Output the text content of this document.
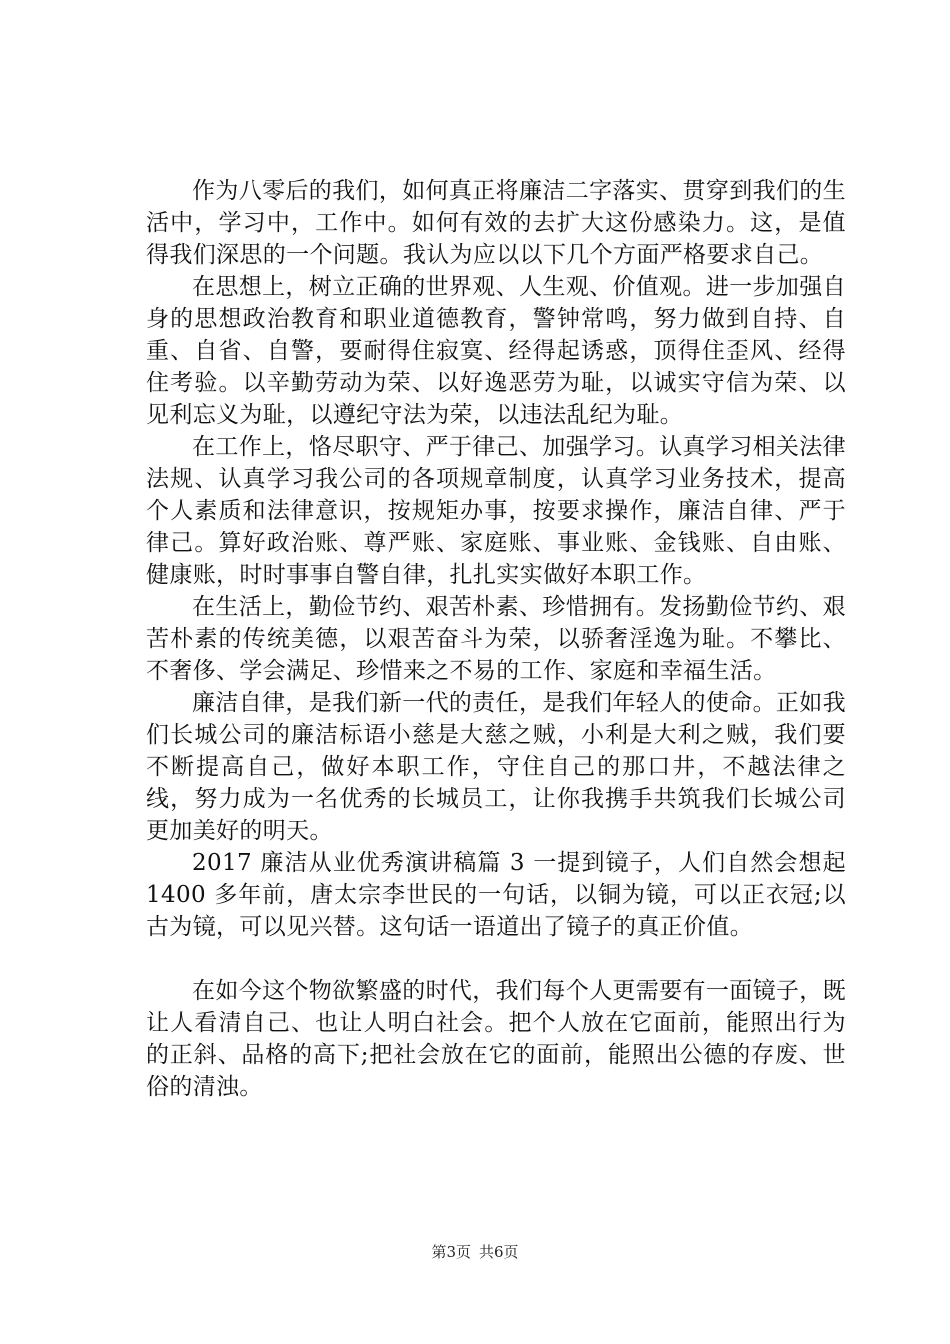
作为八零后的我们，如何真正将廉洁二字落实、贯穿到我们的生活中，学习中，工作中。如何有效的去扩大这份感染力。这，是值得我们深思的一个问题。我认为应以以下几个方面严格要求自己。

在思想上，树立正确的世界观、人生观、价值观。进一步加强自身的思想政治教育和职业道德教育，警钟常鸣，努力做到自持、自重、自省、自警，要耐得住寂寞、经得起诱惑，顶得住歪风、经得住考验。以辛勤劳动为荣、以好逸恶劳为耻，以诚实守信为荣、以见利忘义为耻，以遵纪守法为荣，以违法乱纪为耻。

在工作上，恪尽职守、严于律己、加强学习。认真学习相关法律法规、认真学习我公司的各项规章制度，认真学习业务技术，提高个人素质和法律意识，按规矩办事，按要求操作，廉洁自律、严于律己。算好政治账、尊严账、家庭账、事业账、金钱账、自由账、健康账，时时事事自警自律，扎扎实实做好本职工作。

在生活上，勤俭节约、艰苦朴素、珍惜拥有。发扬勤俭节约、艰苦朴素的传统美德，以艰苦奋斗为荣，以骄奢淫逸为耻。不攀比、不奢侈、学会满足、珍惜来之不易的工作、家庭和幸福生活。

廉洁自律，是我们新一代的责任，是我们年轻人的使命。正如我们长城公司的廉洁标语小慈是大慈之贼，小利是大利之贼，我们要不断提高自己，做好本职工作，守住自己的那口井，不越法律之线，努力成为一名优秀的长城员工，让你我携手共筑我们长城公司更加美好的明天。

2017 廉洁从业优秀演讲稿篇 3 一提到镜子，人们自然会想起 1400 多年前，唐太宗李世民的一句话，以铜为镜，可以正衣冠;以古为镜，可以见兴替。这句话一语道出了镜子的真正价值。

在如今这个物欲繁盛的时代，我们每个人更需要有一面镜子，既让人看清自己、也让人明白社会。把个人放在它面前，能照出行为的正斜、品格的高下;把社会放在它的面前，能照出公德的存废、世俗的清浊。

第3页 共6页
